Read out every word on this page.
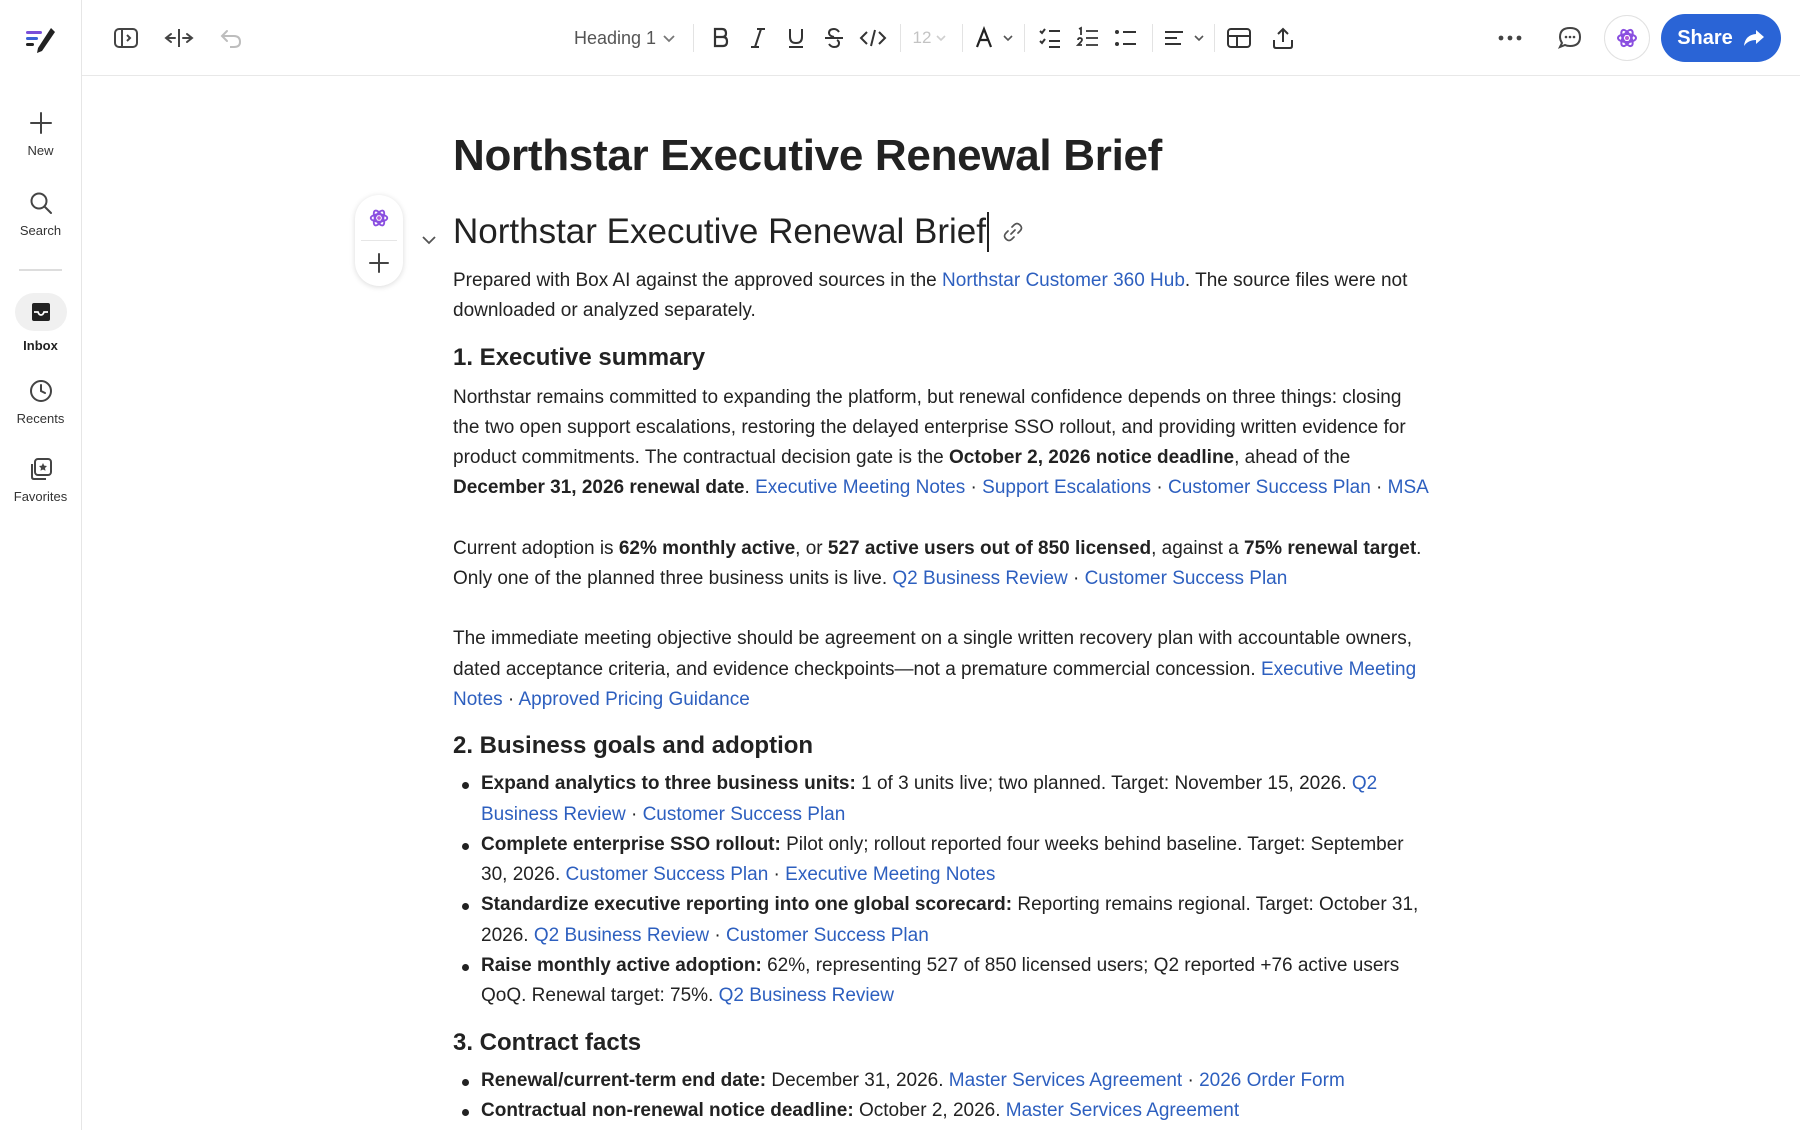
New
Search
Inbox
Recents
Favorites
Heading 1	12	Share
Northstar Executive Renewal Brief
Northstar Executive Renewal Brief

Prepared with Box AI against the approved sources in the Northstar Customer 360 Hub. The source files were not downloaded or analyzed separately.

1. Executive summary

Northstar remains committed to expanding the platform, but renewal confidence depends on three things: closing the two open support escalations, restoring the delayed enterprise SSO rollout, and providing written evidence for product commitments. The contractual decision gate is the October 2, 2026 notice deadline, ahead of the December 31, 2026 renewal date. Executive Meeting Notes · Support Escalations · Customer Success Plan · MSA

Current adoption is 62% monthly active, or 527 active users out of 850 licensed, against a 75% renewal target. Only one of the planned three business units is live. Q2 Business Review · Customer Success Plan

The immediate meeting objective should be agreement on a single written recovery plan with accountable owners, dated acceptance criteria, and evidence checkpoints—not a premature commercial concession. Executive Meeting Notes · Approved Pricing Guidance

2. Business goals and adoption
Expand analytics to three business units: 1 of 3 units live; two planned. Target: November 15, 2026. Q2 Business Review · Customer Success Plan
Complete enterprise SSO rollout: Pilot only; rollout reported four weeks behind baseline. Target: September 30, 2026. Customer Success Plan · Executive Meeting Notes
Standardize executive reporting into one global scorecard: Reporting remains regional. Target: October 31, 2026. Q2 Business Review · Customer Success Plan
Raise monthly active adoption: 62%, representing 527 of 850 licensed users; Q2 reported +76 active users QoQ. Renewal target: 75%. Q2 Business Review
3. Contract facts
Renewal/current-term end date: December 31, 2026. Master Services Agreement · 2026 Order Form
Contractual non-renewal notice deadline: October 2, 2026. Master Services Agreement
